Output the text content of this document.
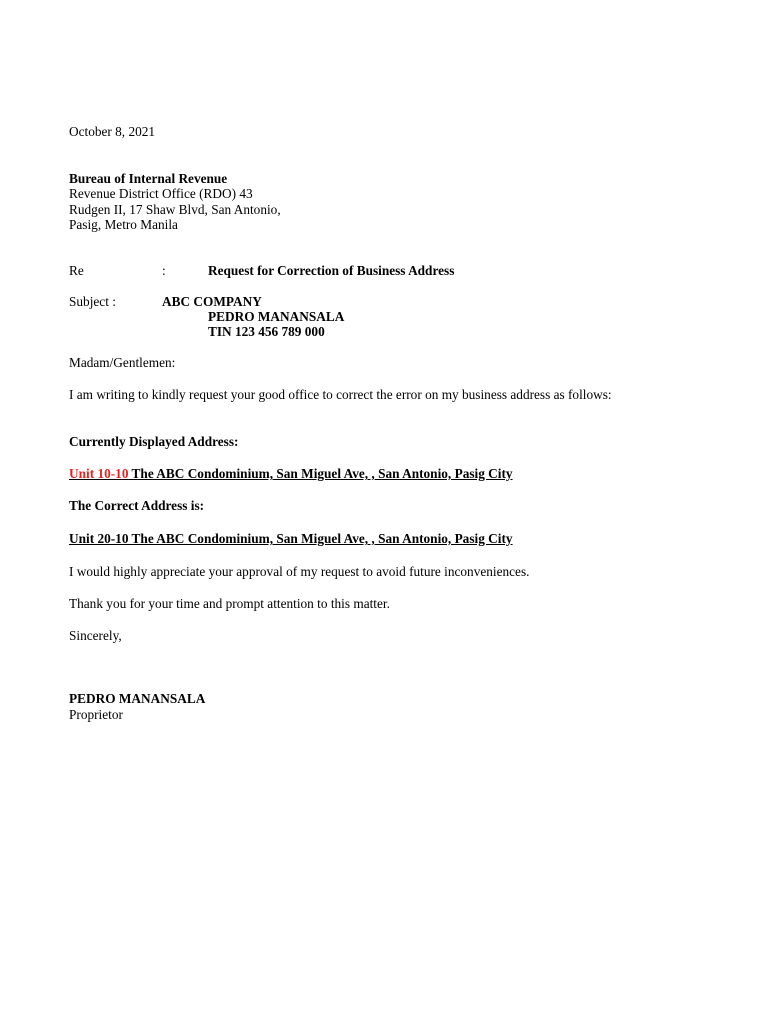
October 8, 2021
Bureau of Internal Revenue
Revenue District Office (RDO) 43
Rudgen II, 17 Shaw Blvd, San Antonio,
Pasig, Metro Manila
Re	:	Request for Correction of Business Address
Subject :	ABC COMPANY
PEDRO MANANSALA
TIN 123 456 789 000
Madam/Gentlemen:
I am writing to kindly request your good office to correct the error on my business address as follows:
Currently Displayed Address:
Unit 10-10 The ABC Condominium, San Miguel Ave, , San Antonio, Pasig City
The Correct Address is:
Unit 20-10 The ABC Condominium, San Miguel Ave, , San Antonio, Pasig City
I would highly appreciate your approval of my request to avoid future inconveniences.
Thank you for your time and prompt attention to this matter.
Sincerely,
PEDRO MANANSALA
Proprietor
